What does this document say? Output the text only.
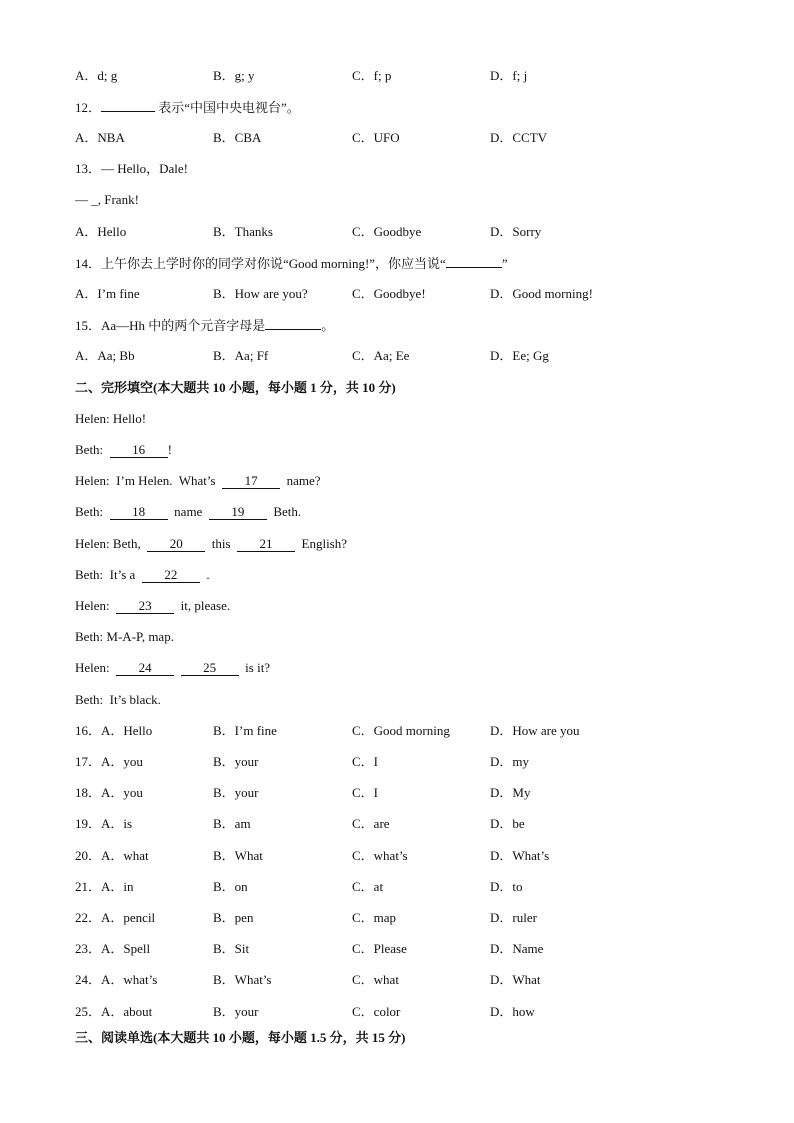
A．d; g	B．g; y	C．f; p	D．f; j
12．	表示“中国中央电视台”。
A．NBA	B．CBA	C．UFO	D．CCTV
13．— Hello，Dale!
— _, Frank!
A．Hello	B．Thanks	C．Goodbye	D．Sorry
14．上午你去上学时你的同学对你说“Good morning!”，你应当说“	”
A．I’m fine	B．How are you?	C．Goodbye!	D．Good morning!
15．Aa—Hh 中的两个元音字母是	。
A．Aa; Bb	B．Aa; Ff	C．Aa; Ee	D．Ee; Gg
二、完形填空(本大题共 10 小题，每小题 1 分，共 10 分)
Helen: Hello!
Beth:  16 !
Helen:  I’m Helen.  What’s  17  name?
Beth:  18  name  19  Beth.
Helen: Beth,  20  this  21  English?
Beth:  It’s a  22  .
Helen:  23  it, please.
Beth: M-A-P, map.
Helen:  24	25  is it?
Beth:  It’s black.
16．A．Hello	B．I’m fine	C．Good morning	D．How are you
17．A．you	B．your	C．I	D．my
18．A．you	B．your	C．I	D．My
19．A．is	B．am	C．are	D．be
20．A．what	B．What	C．what’s	D．What’s
21．A．in	B．on	C．at	D．to
22．A．pencil	B．pen	C．map	D．ruler
23．A．Spell	B．Sit	C．Please	D．Name
24．A．what’s	B．What’s	C．what	D．What
25．A．about	B．your	C．color	D．how
三、阅读单选(本大题共 10 小题，每小题 1.5 分，共 15 分)
